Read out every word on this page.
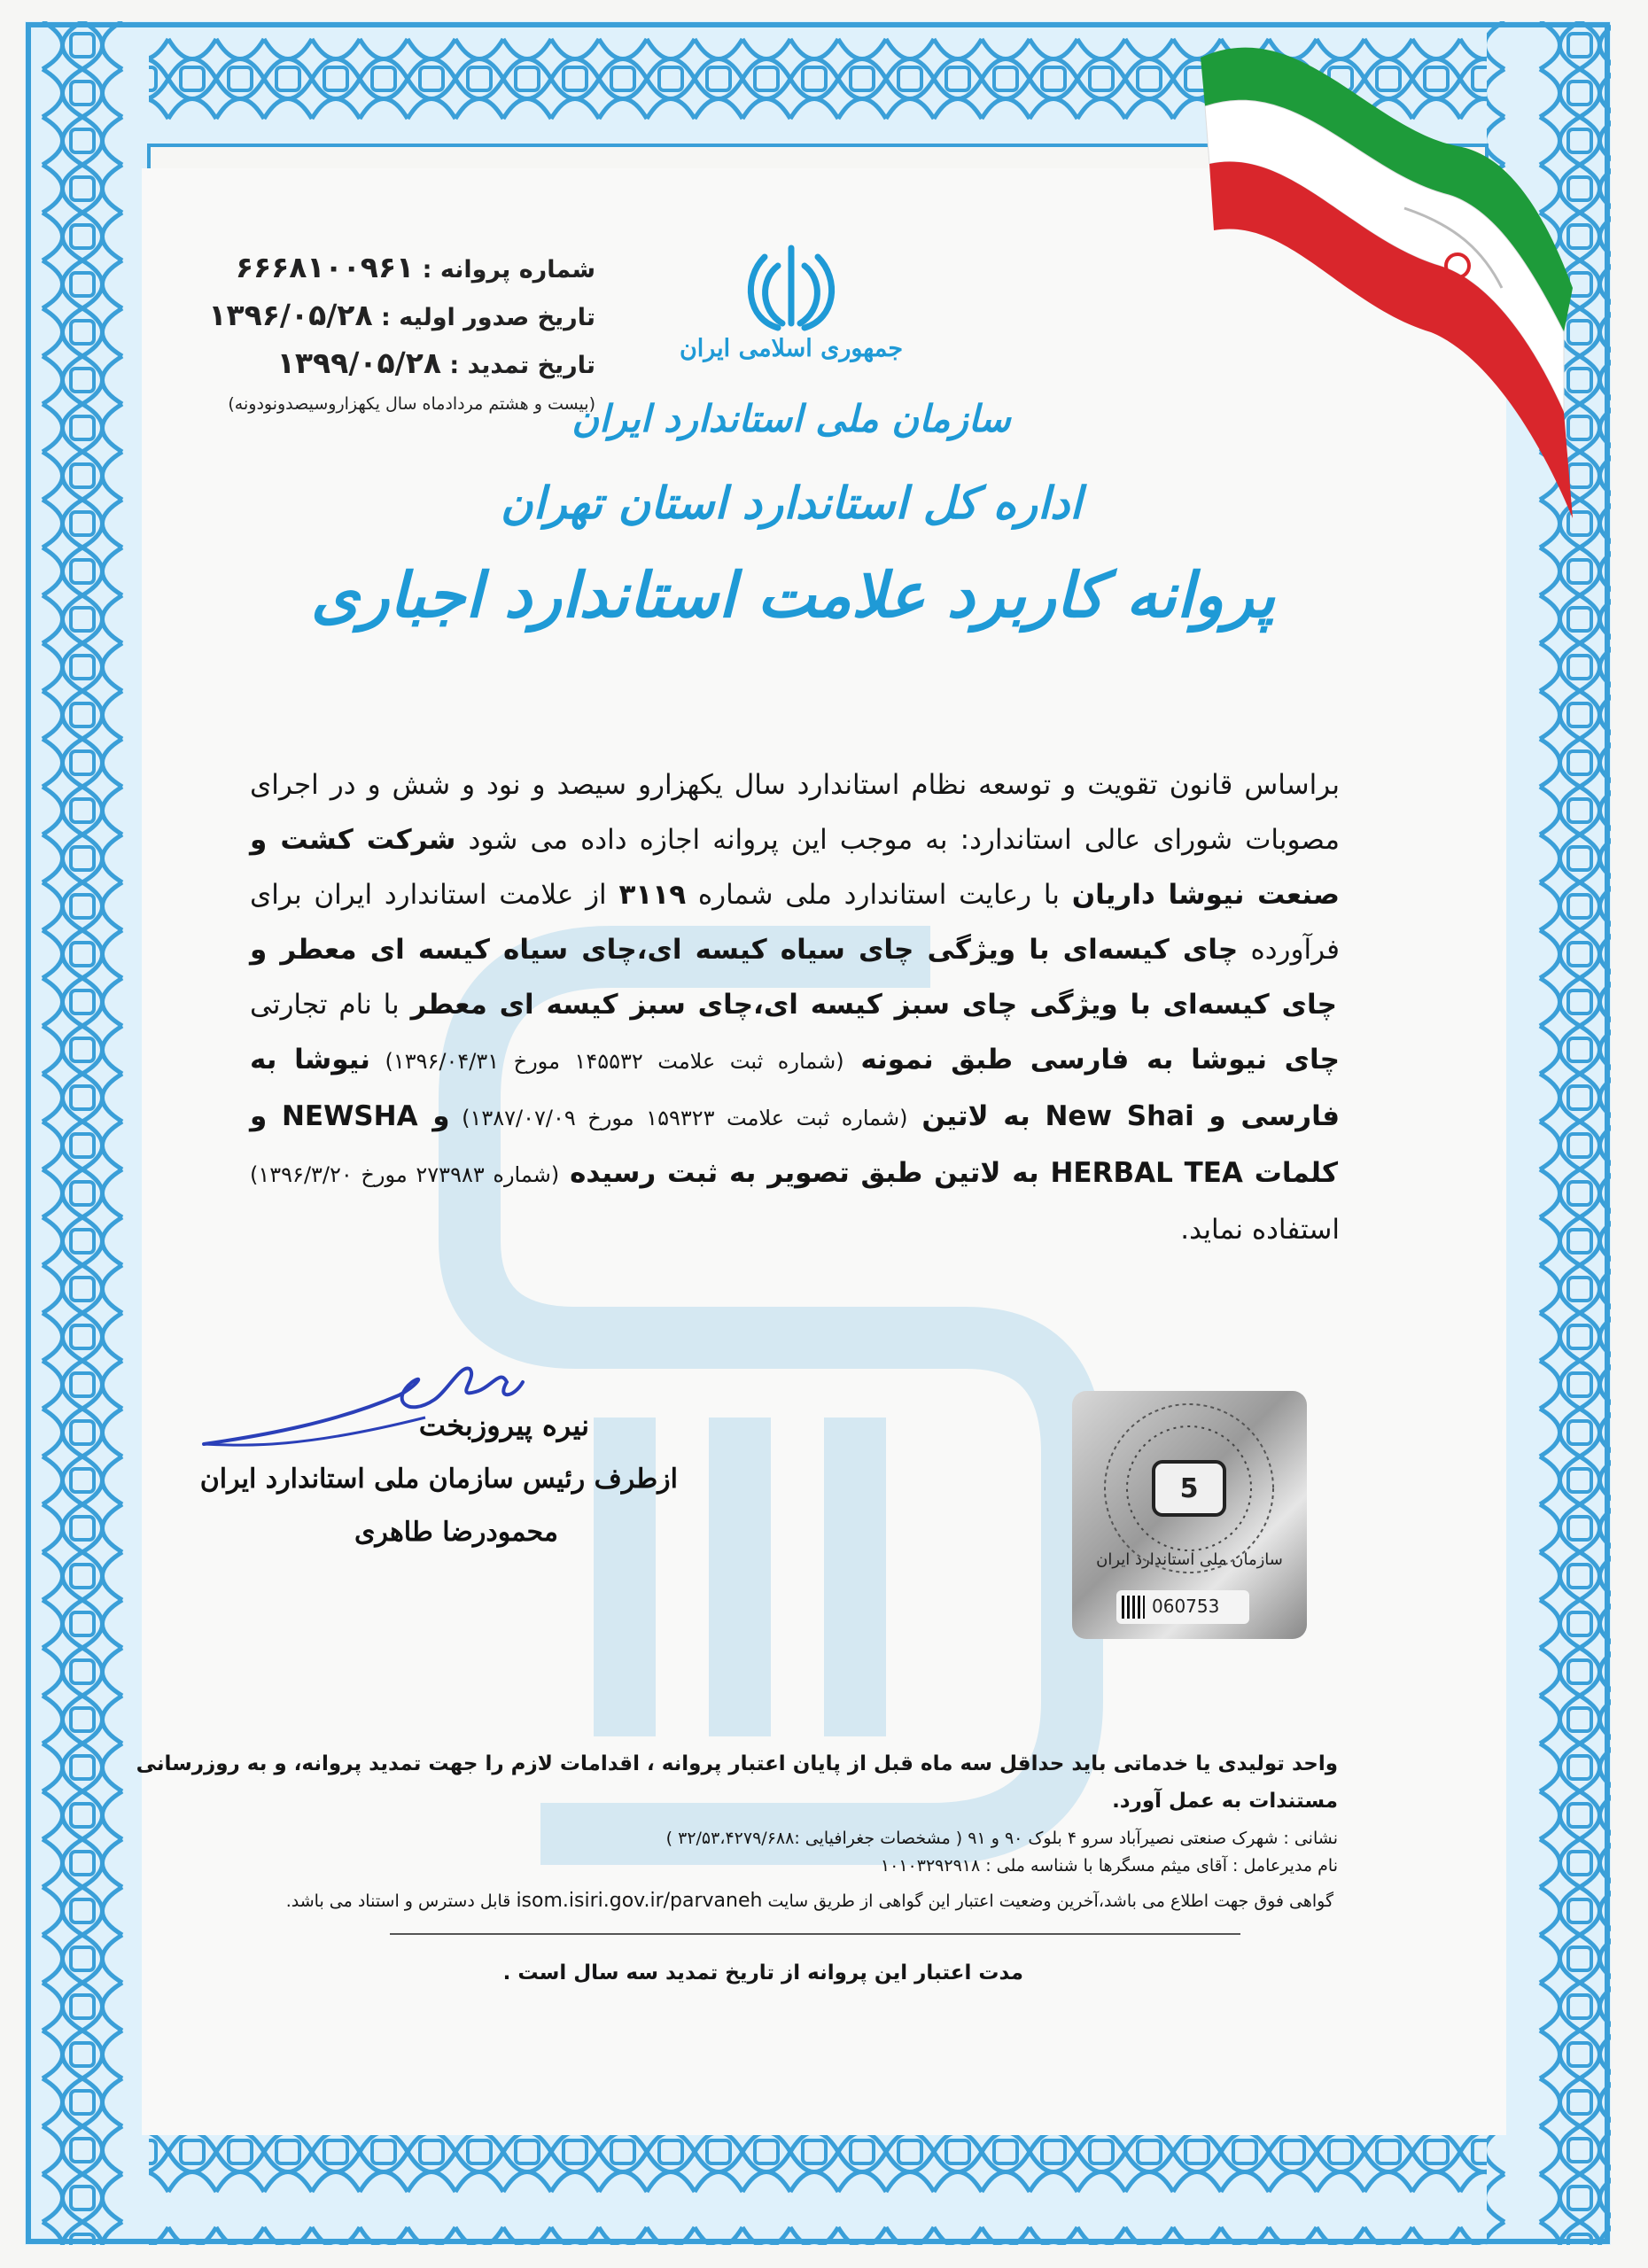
شماره پروانه : ۶۶۶۸۱۰۰۹۶۱
تاریخ صدور اولیه : ۱۳۹۶/۰۵/۲۸
تاریخ تمدید : ۱۳۹۹/۰۵/۲۸
(بیست و هشتم مردادماه سال یکهزاروسیصدونودونه)
جمهوری اسلامی ایران
سازمان ملی استاندارد ایران
اداره کل استاندارد استان تهران
پروانه کاربرد علامت استاندارد اجباری
براساس قانون تقویت و توسعه نظام استاندارد سال یکهزارو سیصد و نود و شش و در اجرای مصوبات شورای عالی استاندارد: به موجب این پروانه اجازه داده می شود شرکت کشت و صنعت نیوشا داریان با رعایت استاندارد ملی شماره ۳۱۱۹ از علامت استاندارد ایران برای فرآورده چای کیسه‌ای با ویژگی چای سیاه کیسه ای،چای سیاه کیسه ای معطر و چای کیسه‌ای با ویژگی چای سبز کیسه ای،چای سبز کیسه ای معطر با نام تجارتی چای نیوشا به فارسی طبق نمونه (شماره ثبت علامت ۱۴۵۵۳۲ مورخ ۱۳۹۶/۰۴/۳۱) نیوشا به فارسی و New Shai به لاتین (شماره ثبت علامت ۱۵۹۳۲۳ مورخ ۱۳۸۷/۰۷/۰۹) و NEWSHA و کلمات HERBAL TEA به لاتین طبق تصویر به ثبت رسیده (شماره ۲۷۳۹۸۳ مورخ ۱۳۹۶/۳/۲۰) استفاده نماید.
نیره پیروزبخت
ازطرف رئیس سازمان ملی استاندارد ایران
محمودرضا طاهری
5
سازمان ملی استاندارد ایران
060753
واحد تولیدی یا خدماتی باید حداقل سه ماه قبل از پایان اعتبار پروانه ، اقدامات لازم را جهت تمدید پروانه، و به روزرسانی
مستندات به عمل آورد.
نشانی : شهرک صنعتی نصیرآباد سرو ۴ بلوک ۹۰ و ۹۱ ( مشخصات جغرافیایی :۳۲/۵۳،۴۲۷۹/۶۸۸ )
نام مدیرعامل : آقای میثم مسگرها با شناسه ملی : ۱۰۱۰۳۲۹۲۹۱۸
گواهی فوق جهت اطلاع می باشد،آخرین وضعیت اعتبار این گواهی از طریق سایت isom.isiri.gov.ir/parvaneh قابل دسترس و استناد می باشد.
مدت اعتبار این پروانه از تاریخ تمدید سه سال است .
